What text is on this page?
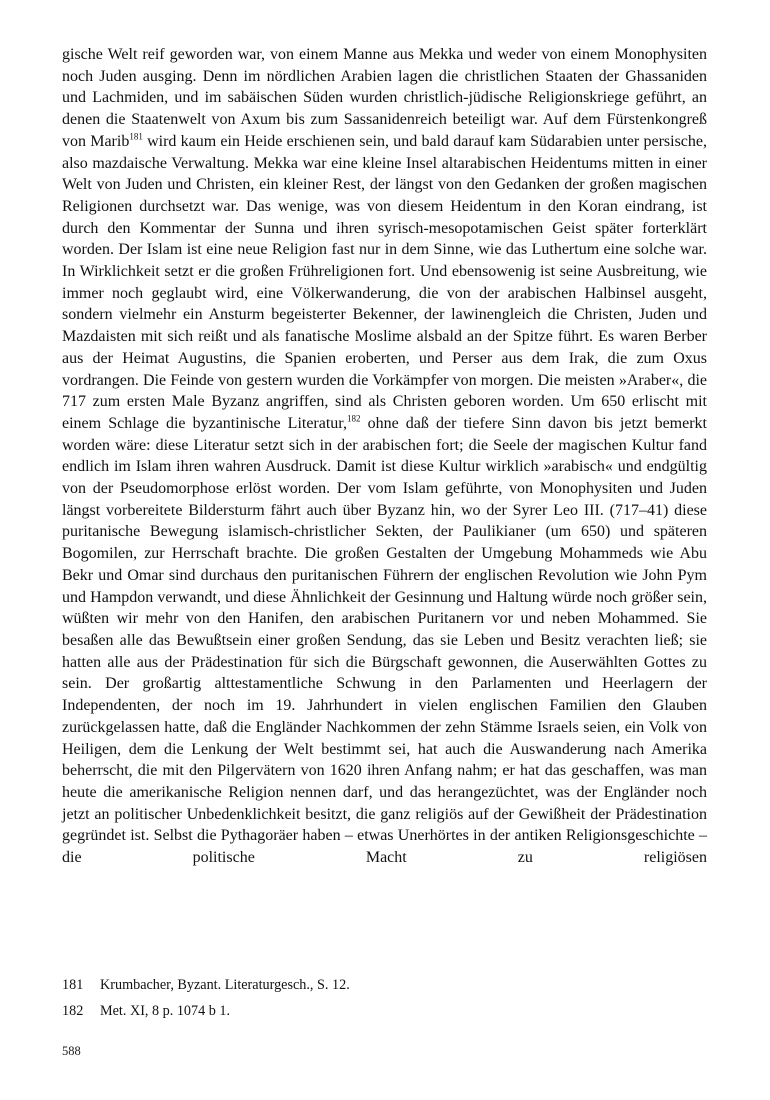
gische Welt reif geworden war, von einem Manne aus Mekka und weder von einem Monophysiten noch Juden ausging. Denn im nördlichen Arabien lagen die christlichen Staaten der Ghassaniden und Lachmiden, und im sabäischen Süden wurden christlich-jüdische Religionskriege geführt, an denen die Staatenwelt von Axum bis zum Sassanidenreich beteiligt war. Auf dem Fürstenkongreß von Marib$^{181}$ wird kaum ein Heide erschienen sein, und bald darauf kam Südarabien unter persische, also mazdaische Verwaltung. Mekka war eine kleine Insel altarabischen Heidentums mitten in einer Welt von Juden und Christen, ein kleiner Rest, der längst von den Gedanken der großen magischen Religionen durchsetzt war. Das wenige, was von diesem Heidentum in den Koran eindrang, ist durch den Kommentar der Sunna und ihren syrisch-mesopotamischen Geist später forterklärt worden. Der Islam ist eine neue Religion fast nur in dem Sinne, wie das Luthertum eine solche war. In Wirklichkeit setzt er die großen Frühreligionen fort. Und ebensowenig ist seine Ausbreitung, wie immer noch geglaubt wird, eine Völkerwanderung, die von der arabischen Halbinsel ausgeht, sondern vielmehr ein Ansturm begeisterter Bekenner, der lawinengleich die Christen, Juden und Mazdaisten mit sich reißt und als fanatische Moslime alsbald an der Spitze führt. Es waren Berber aus der Heimat Augustins, die Spanien eroberten, und Perser aus dem Irak, die zum Oxus vordrangen. Die Feinde von gestern wurden die Vorkämpfer von morgen. Die meisten »Araber«, die 717 zum ersten Male Byzanz angriffen, sind als Christen geboren worden. Um 650 erlischt mit einem Schlage die byzantinische Literatur,$^{182}$ ohne daß der tiefere Sinn davon bis jetzt bemerkt worden wäre: diese Literatur setzt sich in der arabischen fort; die Seele der magischen Kultur fand endlich im Islam ihren wahren Ausdruck. Damit ist diese Kultur wirklich »arabisch« und endgültig von der Pseudomorphose erlöst worden. Der vom Islam geführte, von Monophysiten und Juden längst vorbereitete Bildersturm fährt auch über Byzanz hin, wo der Syrer Leo III. (717–41) diese puritanische Bewegung islamisch-christlicher Sekten, der Paulikianer (um 650) und späteren Bogomilen, zur Herrschaft brachte. Die großen Gestalten der Umgebung Mohammeds wie Abu Bekr und Omar sind durchaus den puritanischen Führern der englischen Revolution wie John Pym und Hampdon verwandt, und diese Ähnlichkeit der Gesinnung und Haltung würde noch größer sein, wüßten wir mehr von den Hanifen, den arabischen Puritanern vor und neben Mohammed. Sie besaßen alle das Bewußtsein einer großen Sendung, das sie Leben und Besitz verachten ließ; sie hatten alle aus der Prädestination für sich die Bürgschaft gewonnen, die Auserwählten Gottes zu sein. Der großartig alttestamentliche Schwung in den Parlamenten und Heerlagern der Independenten, der noch im 19. Jahrhundert in vielen englischen Familien den Glauben zurückgelassen hatte, daß die Engländer Nachkommen der zehn Stämme Israels seien, ein Volk von Heiligen, dem die Lenkung der Welt bestimmt sei, hat auch die Auswanderung nach Amerika beherrscht, die mit den Pilgervätern von 1620 ihren Anfang nahm; er hat das geschaffen, was man heute die amerikanische Religion nennen darf, und das herangezüchtet, was der Engländer noch jetzt an politischer Unbedenklichkeit besitzt, die ganz religiös auf der Gewißheit der Prädestination gegründet ist. Selbst die Pythagoräer haben – etwas Unerhörtes in der antiken Religionsgeschichte – die politische Macht zu religiösen

181	Krumbacher, Byzant. Literaturgesch., S. 12.
182	Met. XI, 8 p. 1074 b 1.
588
